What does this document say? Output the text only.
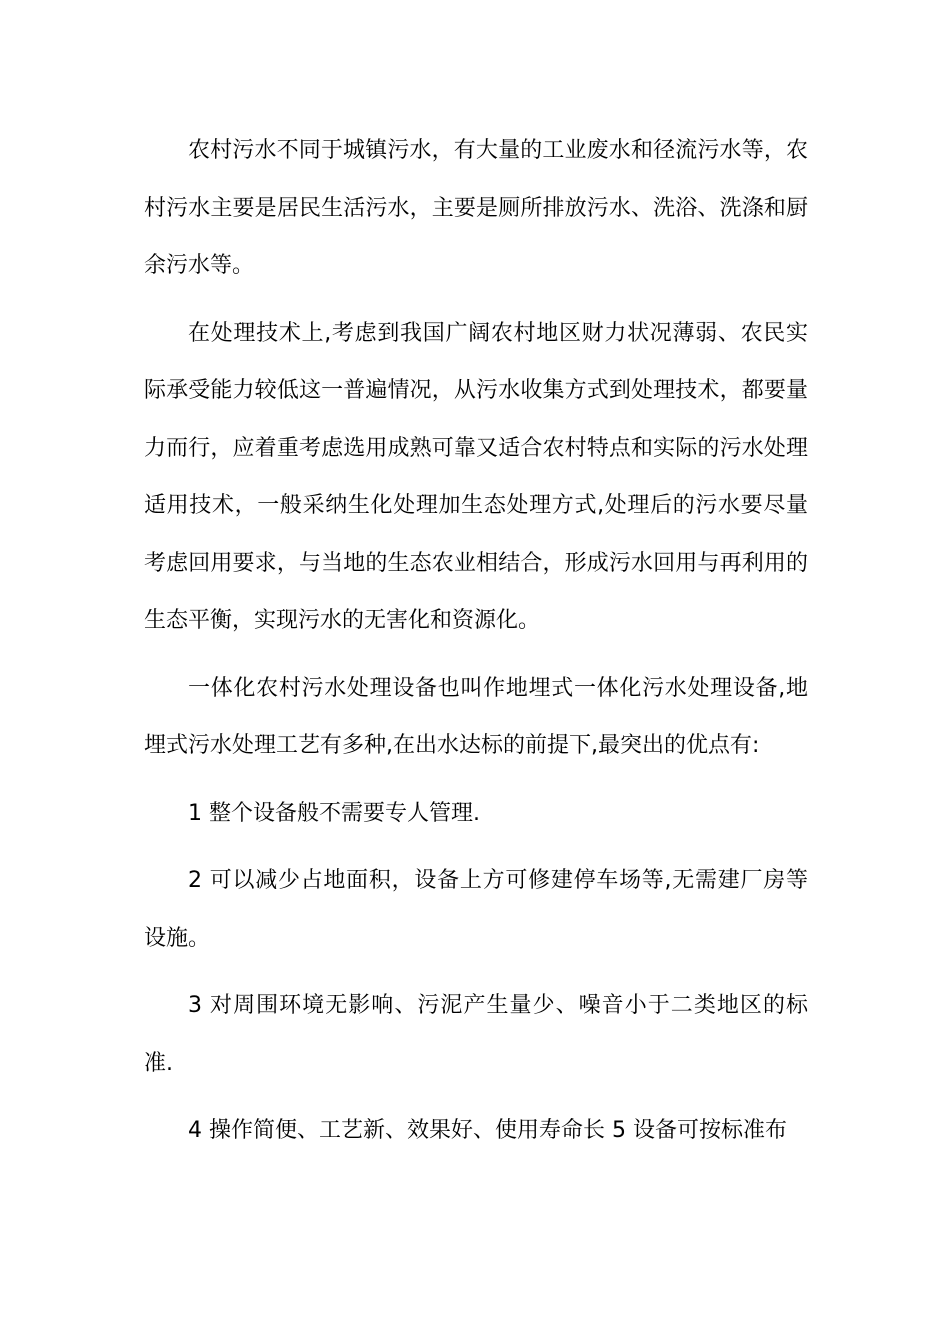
农村污水不同于城镇污水，有大量的工业废水和径流污水等，农村污水主要是居民生活污水，主要是厕所排放污水、洗浴、洗涤和厨余污水等。

在处理技术上,考虑到我国广阔农村地区财力状况薄弱、农民实际承受能力较低这一普遍情况，从污水收集方式到处理技术，都要量力而行，应着重考虑选用成熟可靠又适合农村特点和实际的污水处理适用技术，一般采纳生化处理加生态处理方式,处理后的污水要尽量考虑回用要求，与当地的生态农业相结合，形成污水回用与再利用的生态平衡，实现污水的无害化和资源化。

一体化农村污水处理设备也叫作地埋式一体化污水处理设备,地埋式污水处理工艺有多种,在出水达标的前提下,最突出的优点有:

1 整个设备般不需要专人管理.

2 可以减少占地面积，设备上方可修建停车场等,无需建厂房等设施。

3 对周围环境无影响、污泥产生量少、噪音小于二类地区的标准.

4 操作简便、工艺新、效果好、使用寿命长 5 设备可按标准布
